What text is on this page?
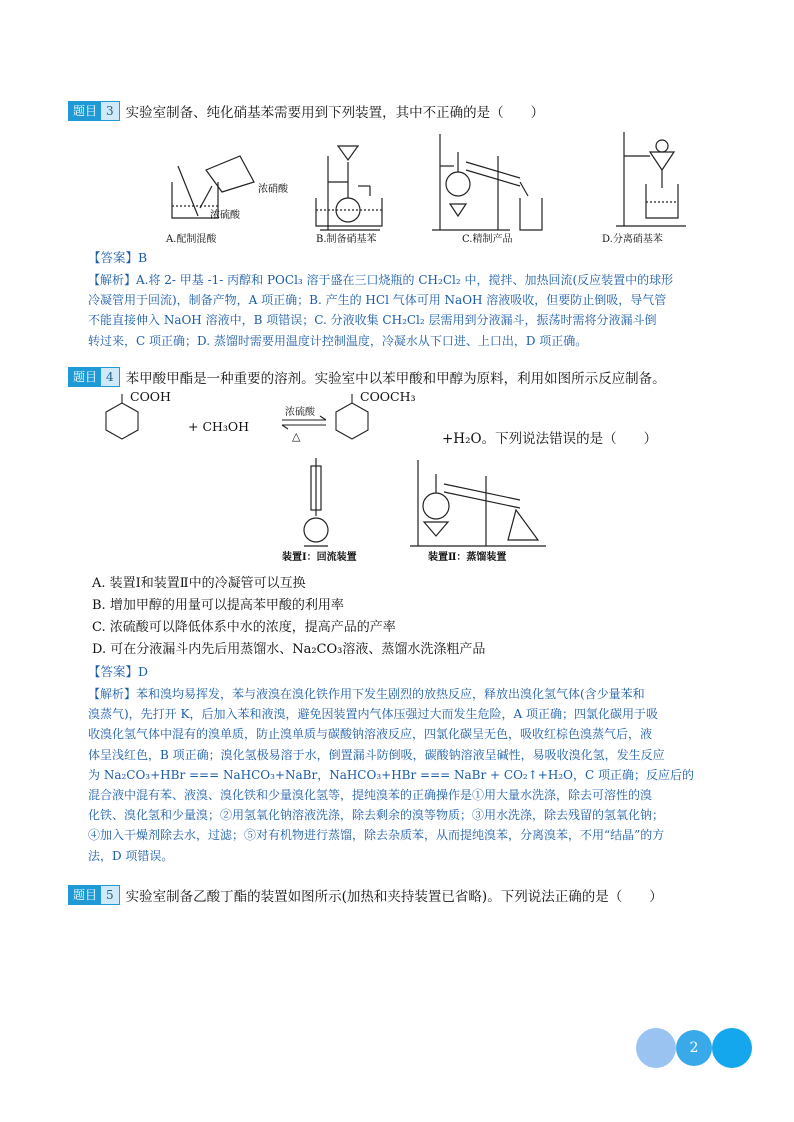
题目 3 实验室制备、纯化硝基苯需要用到下列装置，其中不正确的是（　　）
浓硝酸
浓硫酸
A.配制混酸	B.制备硝基苯	C.精制产品	D.分离硝基苯
【答案】B
【解析】A.将 2- 甲基 -1- 丙醇和 POCl₃ 溶于盛在三口烧瓶的 CH₂Cl₂ 中，搅拌、加热回流(反应装置中的球形
冷凝管用于回流)，制备产物，A 项正确；B. 产生的 HCl 气体可用 NaOH 溶液吸收，但要防止倒吸，导气管
不能直接伸入 NaOH 溶液中，B 项错误；C. 分液收集 CH₂Cl₂ 层需用到分液漏斗，振荡时需将分液漏斗倒
转过来，C 项正确；D. 蒸馏时需要用温度计控制温度，冷凝水从下口进、上口出，D 项正确。
题目 4 苯甲酸甲酯是一种重要的溶剂。实验室中以苯甲酸和甲醇为原料，利用如图所示反应制备。
COOH
+ CH₃OH
浓硫酸
△
COOCH₃
+H₂O。下列说法错误的是（　　）
装置Ⅰ：回流装置	装置Ⅱ：蒸馏装置
A. 装置Ⅰ和装置Ⅱ中的冷凝管可以互换
B. 增加甲醇的用量可以提高苯甲酸的利用率
C. 浓硫酸可以降低体系中水的浓度，提高产品的产率
D. 可在分液漏斗内先后用蒸馏水、Na₂CO₃溶液、蒸馏水洗涤粗产品
【答案】D
【解析】苯和溴均易挥发，苯与液溴在溴化铁作用下发生剧烈的放热反应，释放出溴化氢气体(含少量苯和
溴蒸气)，先打开 K，后加入苯和液溴，避免因装置内气体压强过大而发生危险，A 项正确；四氯化碳用于吸
收溴化氢气体中混有的溴单质，防止溴单质与碳酸钠溶液反应，四氯化碳呈无色，吸收红棕色溴蒸气后，液
体呈浅红色，B 项正确；溴化氢极易溶于水，倒置漏斗防倒吸，碳酸钠溶液呈碱性，易吸收溴化氢，发生反应
为 Na₂CO₃+HBr === NaHCO₃+NaBr，NaHCO₃+HBr === NaBr + CO₂↑+H₂O，C 项正确；反应后的
混合液中混有苯、液溴、溴化铁和少量溴化氢等，提纯溴苯的正确操作是①用大量水洗涤，除去可溶性的溴
化铁、溴化氢和少量溴；②用氢氧化钠溶液洗涤，除去剩余的溴等物质；③用水洗涤，除去残留的氢氧化钠；
④加入干燥剂除去水，过滤；⑤对有机物进行蒸馏，除去杂质苯，从而提纯溴苯，分离溴苯，不用“结晶”的方
法，D 项错误。
题目 5 实验室制备乙酸丁酯的装置如图所示(加热和夹持装置已省略)。下列说法正确的是（　　）
2
